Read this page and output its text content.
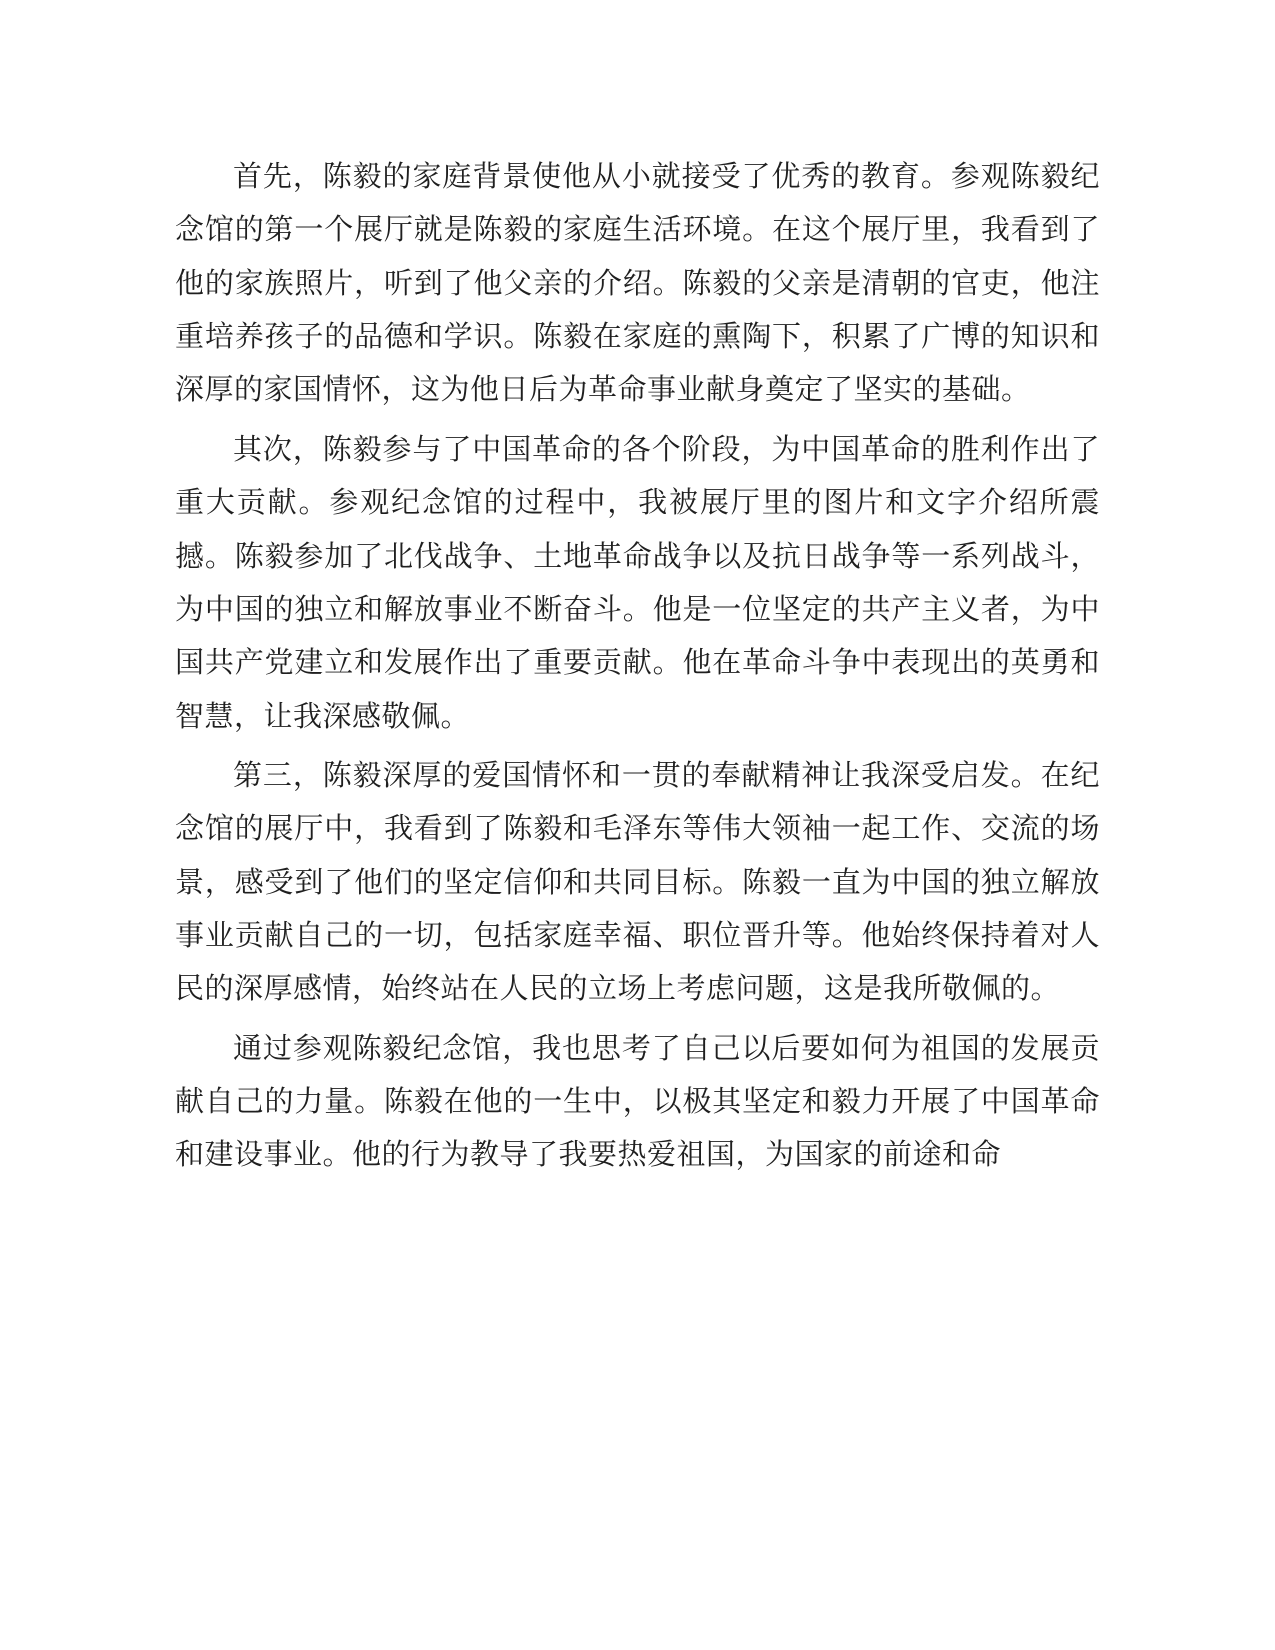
首先，陈毅的家庭背景使他从小就接受了优秀的教育。参观陈毅纪念馆的第一个展厅就是陈毅的家庭生活环境。在这个展厅里，我看到了他的家族照片，听到了他父亲的介绍。陈毅的父亲是清朝的官吏，他注重培养孩子的品德和学识。陈毅在家庭的熏陶下，积累了广博的知识和深厚的家国情怀，这为他日后为革命事业献身奠定了坚实的基础。

其次，陈毅参与了中国革命的各个阶段，为中国革命的胜利作出了重大贡献。参观纪念馆的过程中，我被展厅里的图片和文字介绍所震撼。陈毅参加了北伐战争、土地革命战争以及抗日战争等一系列战斗，为中国的独立和解放事业不断奋斗。他是一位坚定的共产主义者，为中国共产党建立和发展作出了重要贡献。他在革命斗争中表现出的英勇和智慧，让我深感敬佩。

第三，陈毅深厚的爱国情怀和一贯的奉献精神让我深受启发。在纪念馆的展厅中，我看到了陈毅和毛泽东等伟大领袖一起工作、交流的场景，感受到了他们的坚定信仰和共同目标。陈毅一直为中国的独立解放事业贡献自己的一切，包括家庭幸福、职位晋升等。他始终保持着对人民的深厚感情，始终站在人民的立场上考虑问题，这是我所敬佩的。

通过参观陈毅纪念馆，我也思考了自己以后要如何为祖国的发展贡献自己的力量。陈毅在他的一生中，以极其坚定和毅力开展了中国革命和建设事业。他的行为教导了我要热爱祖国，为国家的前途和命
